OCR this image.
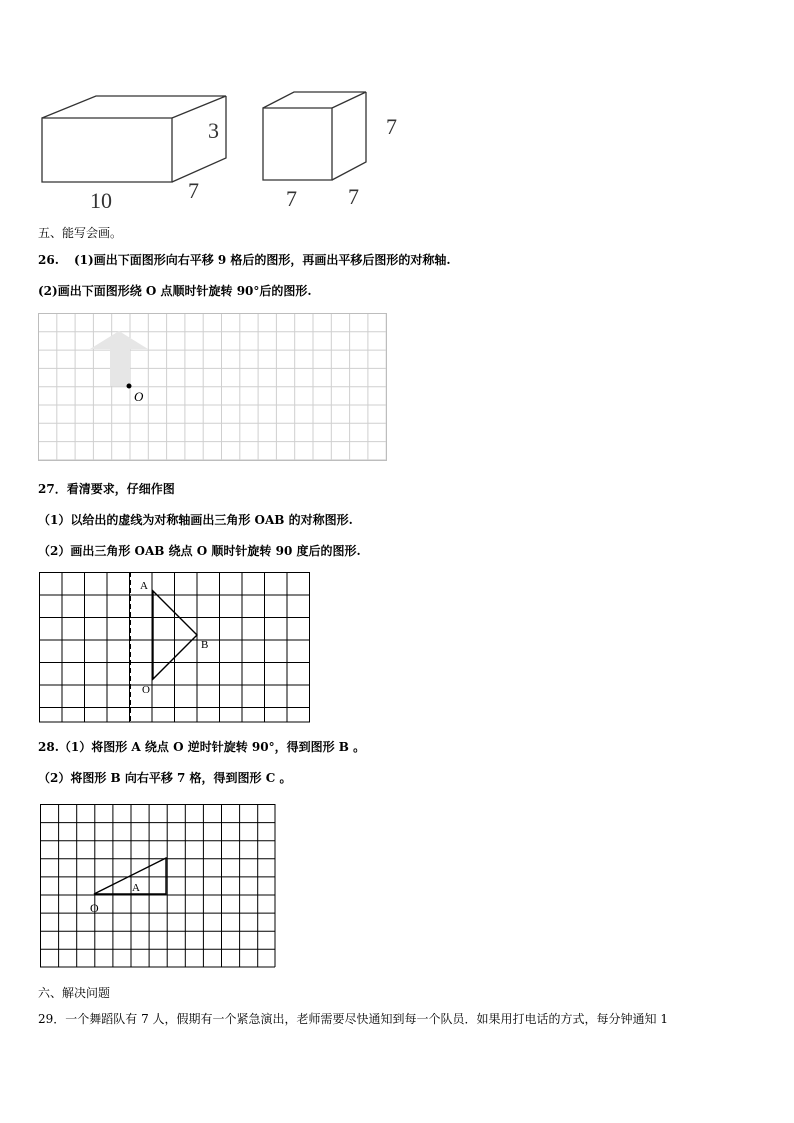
3
10	7
7
7 7
五、能写会画。
26. (1)画出下面图形向右平移 9 格后的图形，再画出平移后图形的对称轴.
(2)画出下面图形绕 O 点顺时针旋转 90°后的图形.
O
27．看清要求，仔细作图
（1）以给出的虚线为对称轴画出三角形 OAB 的对称图形.
（2）画出三角形 OAB 绕点 O 顺时针旋转 90 度后的图形.
A
B
O
28.（1）将图形 A 绕点 O 逆时针旋转 90°，得到图形 B 。
（2）将图形 B 向右平移 7 格，得到图形 C 。
A
O
六、解决问题
29．一个舞蹈队有 7 人，假期有一个紧急演出，老师需要尽快通知到每一个队员．如果用打电话的方式，每分钟通知 1
